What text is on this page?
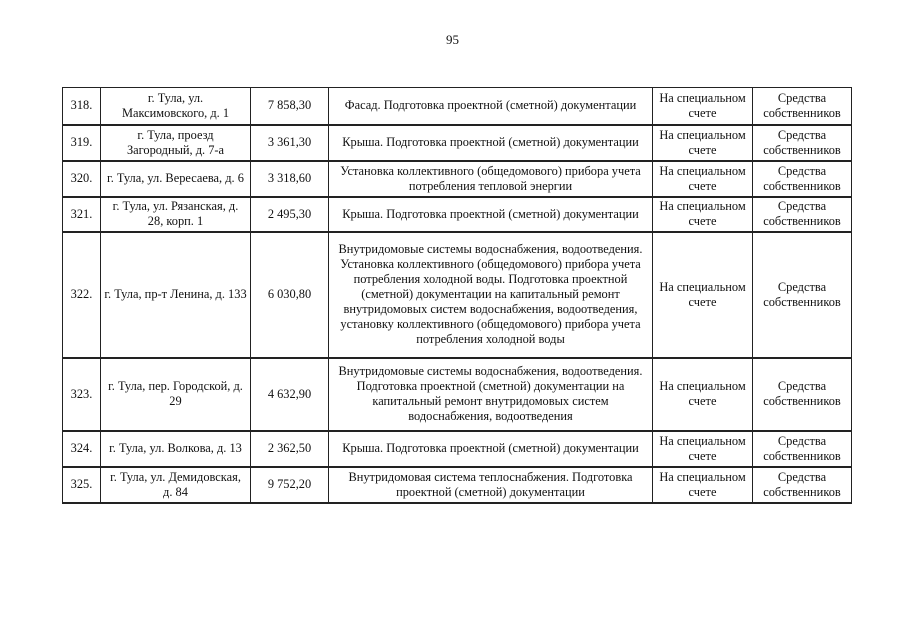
95
318.	г. Тула, ул. Максимовского, д. 1	7 858,30	Фасад. Подготовка проектной (сметной) документации	На специальном счете	Средства собственников
319.	г. Тула, проезд Загородный, д. 7-а	3 361,30	Крыша. Подготовка проектной (сметной) документации	На специальном счете	Средства собственников
320.	г. Тула, ул. Вересаева, д. 6	3 318,60	Установка коллективного (общедомового) прибора учета потребления тепловой энергии	На специальном счете	Средства собственников
321.	г. Тула, ул. Рязанская, д. 28, корп. 1	2 495,30	Крыша. Подготовка проектной (сметной) документации	На специальном счете	Средства собственников
322.	г. Тула, пр-т Ленина, д. 133	6 030,80	Внутридомовые системы водоснабжения, водоотведения. Установка коллективного (общедомового) прибора учета потребления холодной воды. Подготовка проектной (сметной) документации на капитальный ремонт внутридомовых систем водоснабжения, водоотведения, установку коллективного (общедомового) прибора учета потребления холодной воды	На специальном счете	Средства собственников
323.	г. Тула, пер. Городской, д. 29	4 632,90	Внутридомовые системы водоснабжения, водоотведения. Подготовка проектной (сметной) документации на капитальный ремонт внутридомовых систем водоснабжения, водоотведения	На специальном счете	Средства собственников
324.	г. Тула, ул. Волкова, д. 13	2 362,50	Крыша. Подготовка проектной (сметной) документации	На специальном счете	Средства собственников
325.	г. Тула, ул. Демидовская, д. 84	9 752,20	Внутридомовая система теплоснабжения. Подготовка проектной (сметной) документации	На специальном счете	Средства собственников
